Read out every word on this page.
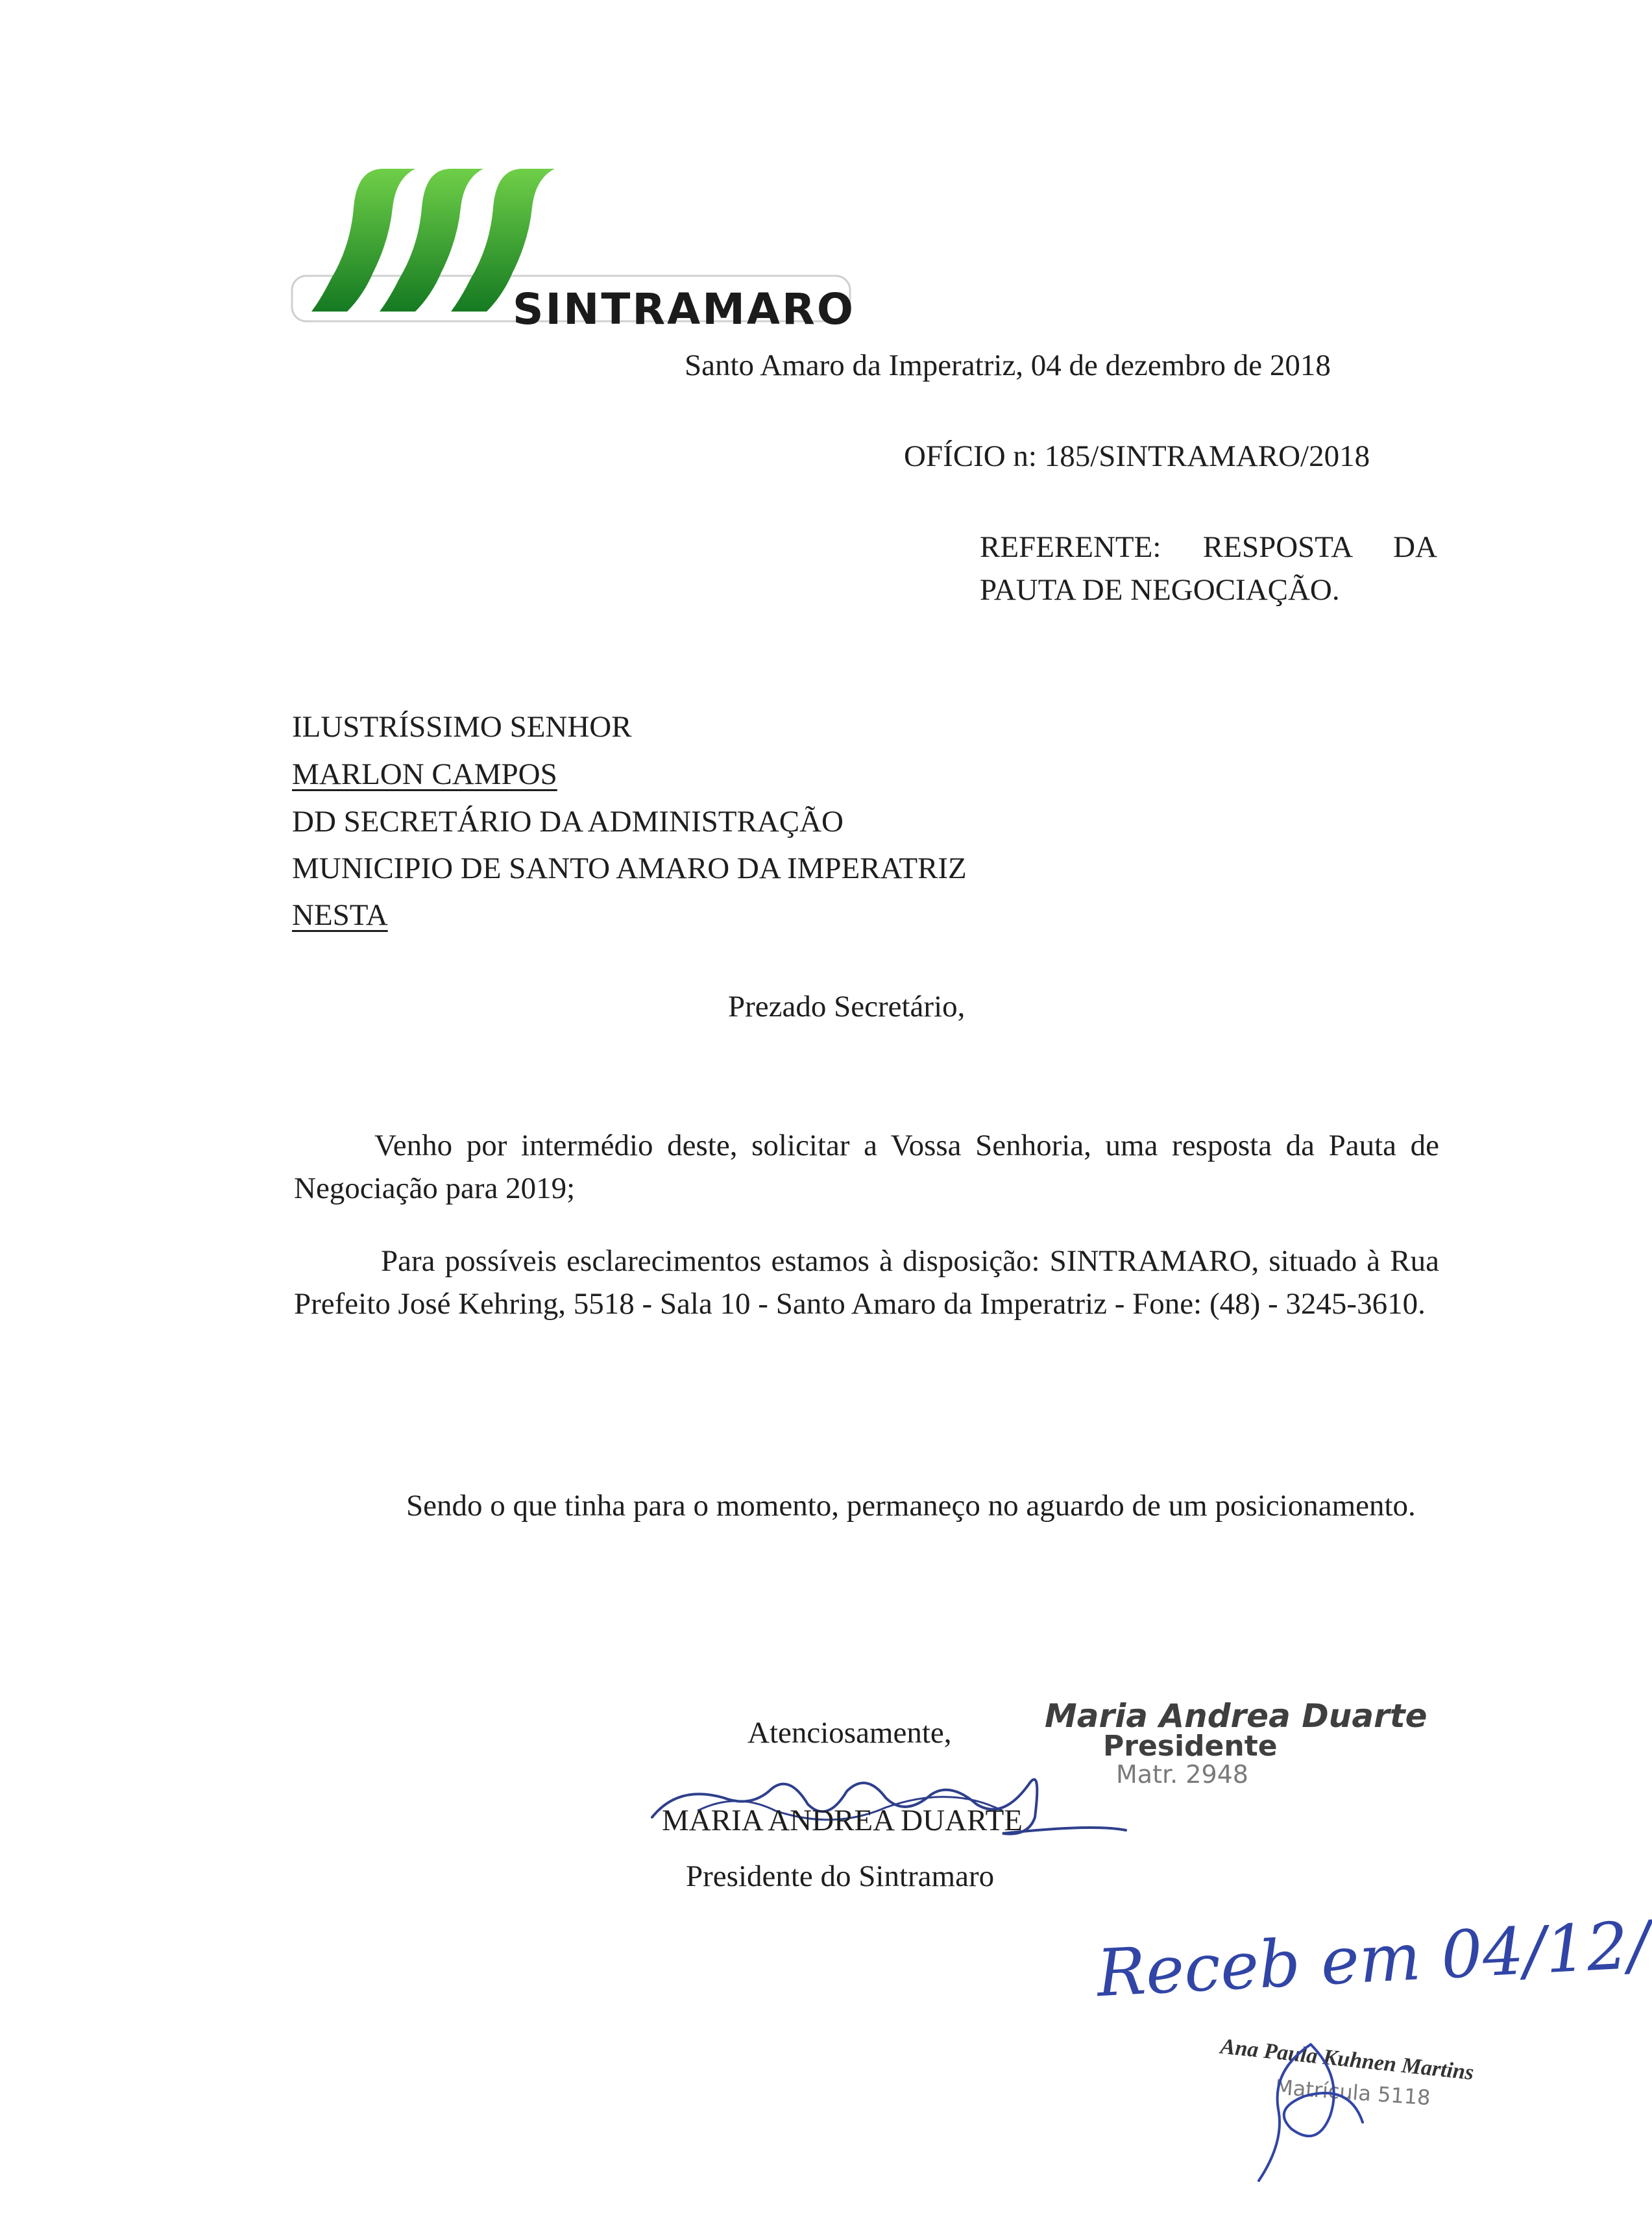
SINTRAMARO
Santo Amaro da Imperatriz, 04 de dezembro de 2018
OFÍCIO n: 185/SINTRAMARO/2018
REFERENTE: RESPOSTA DA
PAUTA DE NEGOCIAÇÃO.
ILUSTRÍSSIMO SENHOR
MARLON CAMPOS
DD SECRETÁRIO DA ADMINISTRAÇÃO
MUNICIPIO DE SANTO AMARO DA IMPERATRIZ
NESTA
Prezado Secretário,
Venho por intermédio deste, solicitar a Vossa Senhoria, uma resposta da Pauta de Negociação para 2019;
Para possíveis esclarecimentos estamos à disposição: SINTRAMARO, situado à Rua Prefeito José Kehring, 5518 - Sala 10 - Santo Amaro da Imperatriz - Fone: (48) - 3245-3610.
Sendo o que tinha para o momento, permaneço no aguardo de um posicionamento.
Atenciosamente,
MARIA ANDREA DUARTE
Presidente do Sintramaro
Maria Andrea Duarte
Presidente
Matr. 2948
Receb em 04/12/
Ana Paula Kuhnen Martins
Matrícula 5118
